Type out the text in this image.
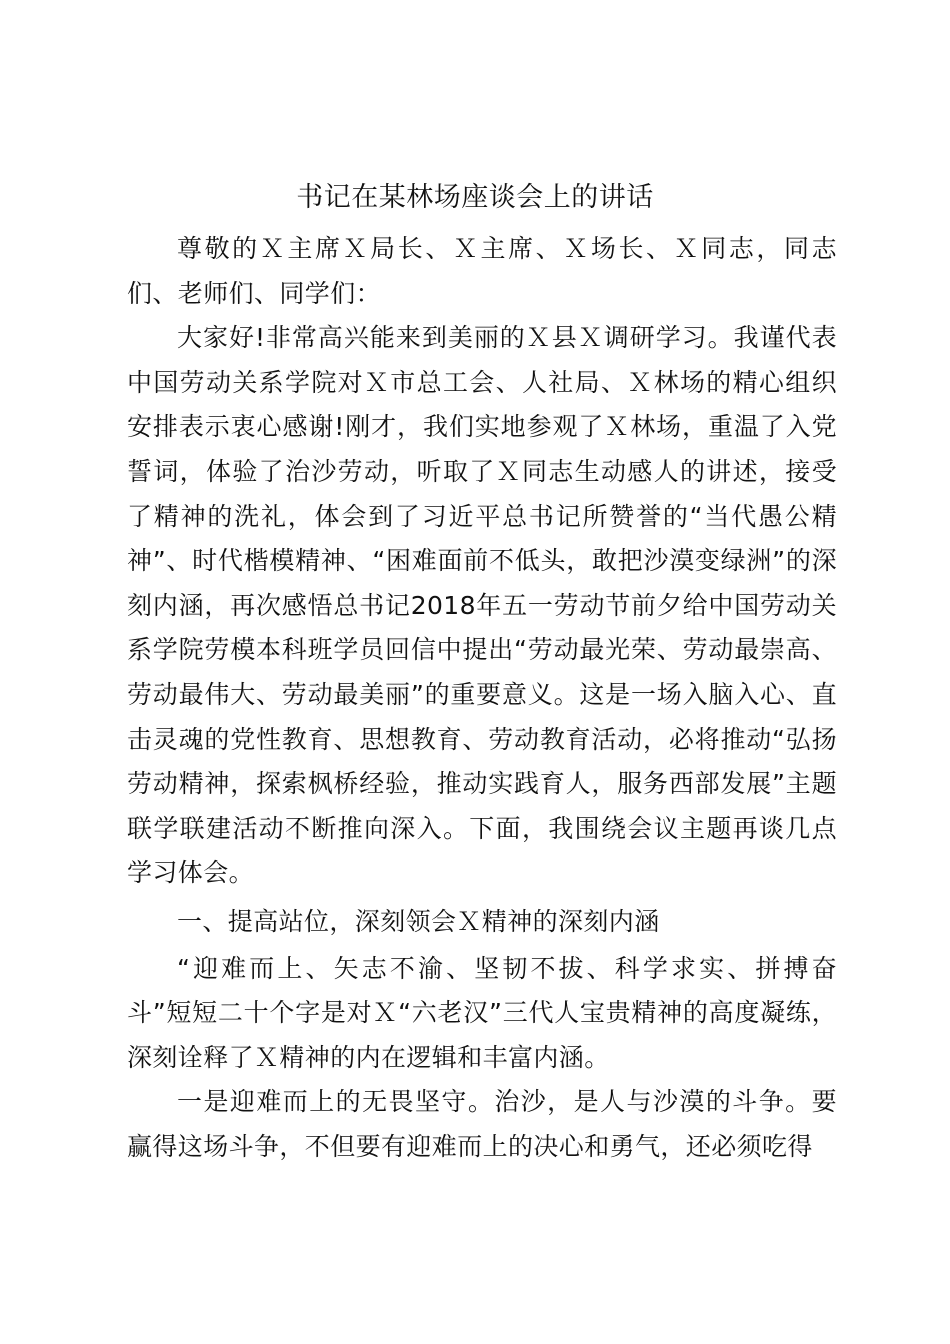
书记在某林场座谈会上的讲话

尊敬的Ｘ主席Ｘ局长、Ｘ主席、Ｘ场长、Ｘ同志，同志们、老师们、同学们：

大家好!非常高兴能来到美丽的Ｘ县Ｘ调研学习。我谨代表中国劳动关系学院对Ｘ市总工会、人社局、Ｘ林场的精心组织安排表示衷心感谢!刚才，我们实地参观了Ｘ林场，重温了入党誓词，体验了治沙劳动，听取了Ｘ同志生动感人的讲述，接受了精神的洗礼，体会到了习近平总书记所赞誉的“当代愚公精神”、时代楷模精神、“困难面前不低头，敢把沙漠变绿洲”的深刻内涵，再次感悟总书记2018年五一劳动节前夕给中国劳动关系学院劳模本科班学员回信中提出“劳动最光荣、劳动最崇高、劳动最伟大、劳动最美丽”的重要意义。这是一场入脑入心、直击灵魂的党性教育、思想教育、劳动教育活动，必将推动“弘扬劳动精神，探索枫桥经验，推动实践育人，服务西部发展”主题联学联建活动不断推向深入。下面，我围绕会议主题再谈几点学习体会。

一、提高站位，深刻领会Ｘ精神的深刻内涵

“迎难而上、矢志不渝、坚韧不拔、科学求实、拼搏奋斗”短短二十个字是对Ｘ“六老汉”三代人宝贵精神的高度凝练，深刻诠释了Ｘ精神的内在逻辑和丰富内涵。

一是迎难而上的无畏坚守。治沙，是人与沙漠的斗争。要赢得这场斗争，不但要有迎难而上的决心和勇气，还必须吃得
